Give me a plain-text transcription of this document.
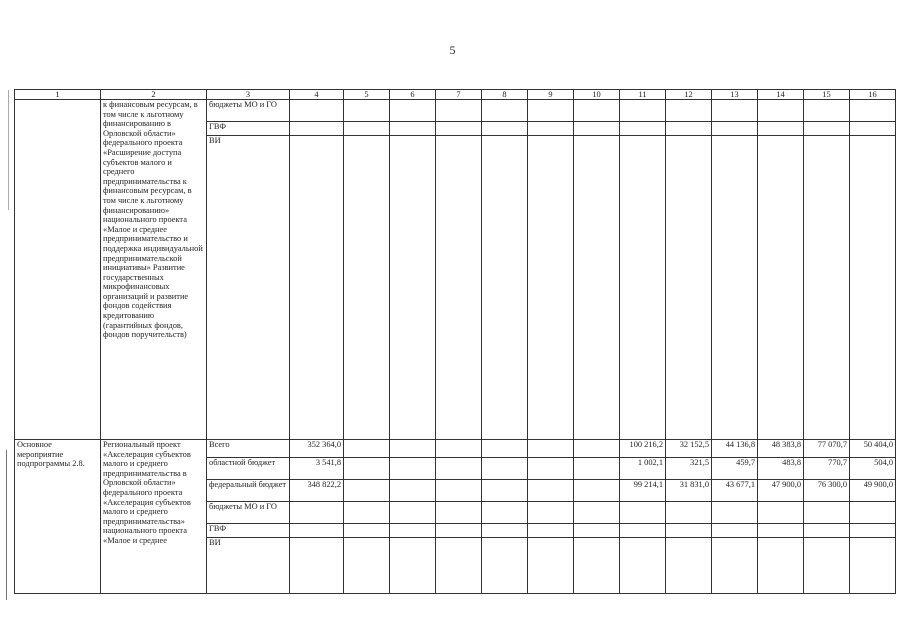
5
1	2	3	4	5	6	7	8	9	10	11	12	13	14	15	16
	к финансовым ресурсам, в том числе к льготному финансированию в Орловской области» федерального проекта «Расширение доступа субъектов малого и среднего предпринимательства к финансовым ресурсам, в том числе к льготному финансированию» национального проекта «Малое и среднее предпринимательство и поддержка индивидуальной предпринимательской инициативы» Развитие государственных микрофинансовых организаций и развитие фондов содействия кредитованию (гарантийных фондов, фондов поручительств)	бюджеты МО и ГО													
		ГВФ													
		ВИ													
Основное мероприятие подпрограммы 2.8.	Региональный проект «Акселерация субъектов малого и среднего предпринимательства в Орловской области» федерального проекта «Акселерация субъектов малого и среднего предпринимательства» национального проекта «Малое и среднее	Всего	352 364,0							100 216,2	32 152,5	44 136,8	48 383,8	77 070,7	50 404,0
		областной бюджет	3 541,8							1 002,1	321,5	459,7	483,8	770,7	504,0
		федеральный бюджет	348 822,2							99 214,1	31 831,0	43 677,1	47 900,0	76 300,0	49 900,0
		бюджеты МО и ГО													
		ГВФ													
		ВИ													
